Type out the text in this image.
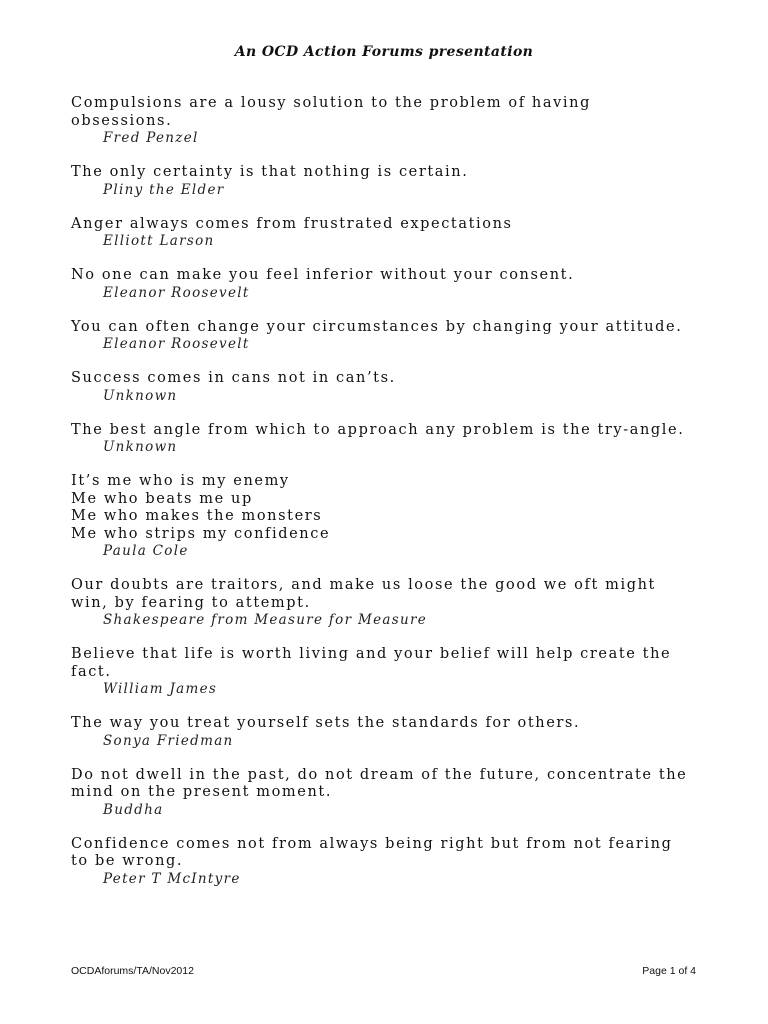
An OCD Action Forums presentation
Compulsions are a lousy solution to the problem of having obsessions.
Fred Penzel
The only certainty is that nothing is certain.
Pliny the Elder
Anger always comes from frustrated expectations
Elliott Larson
No one can make you feel inferior without your consent.
Eleanor Roosevelt
You can often change your circumstances by changing your attitude.
Eleanor Roosevelt
Success comes in cans not in can’ts.
Unknown
The best angle from which to approach any problem is the try-angle.
Unknown
It’s me who is my enemy
Me who beats me up
Me who makes the monsters
Me who strips my confidence
Paula Cole
Our doubts are traitors, and make us loose the good we oft might win, by fearing to attempt.
Shakespeare from Measure for Measure
Believe that life is worth living and your belief will help create the fact.
William James
The way you treat yourself sets the standards for others.
Sonya Friedman
Do not dwell in the past, do not dream of the future, concentrate the mind on the present moment.
Buddha
Confidence comes not from always being right but from not fearing to be wrong.
Peter T McIntyre
OCDAforums/TA/Nov2012	Page 1 of 4
